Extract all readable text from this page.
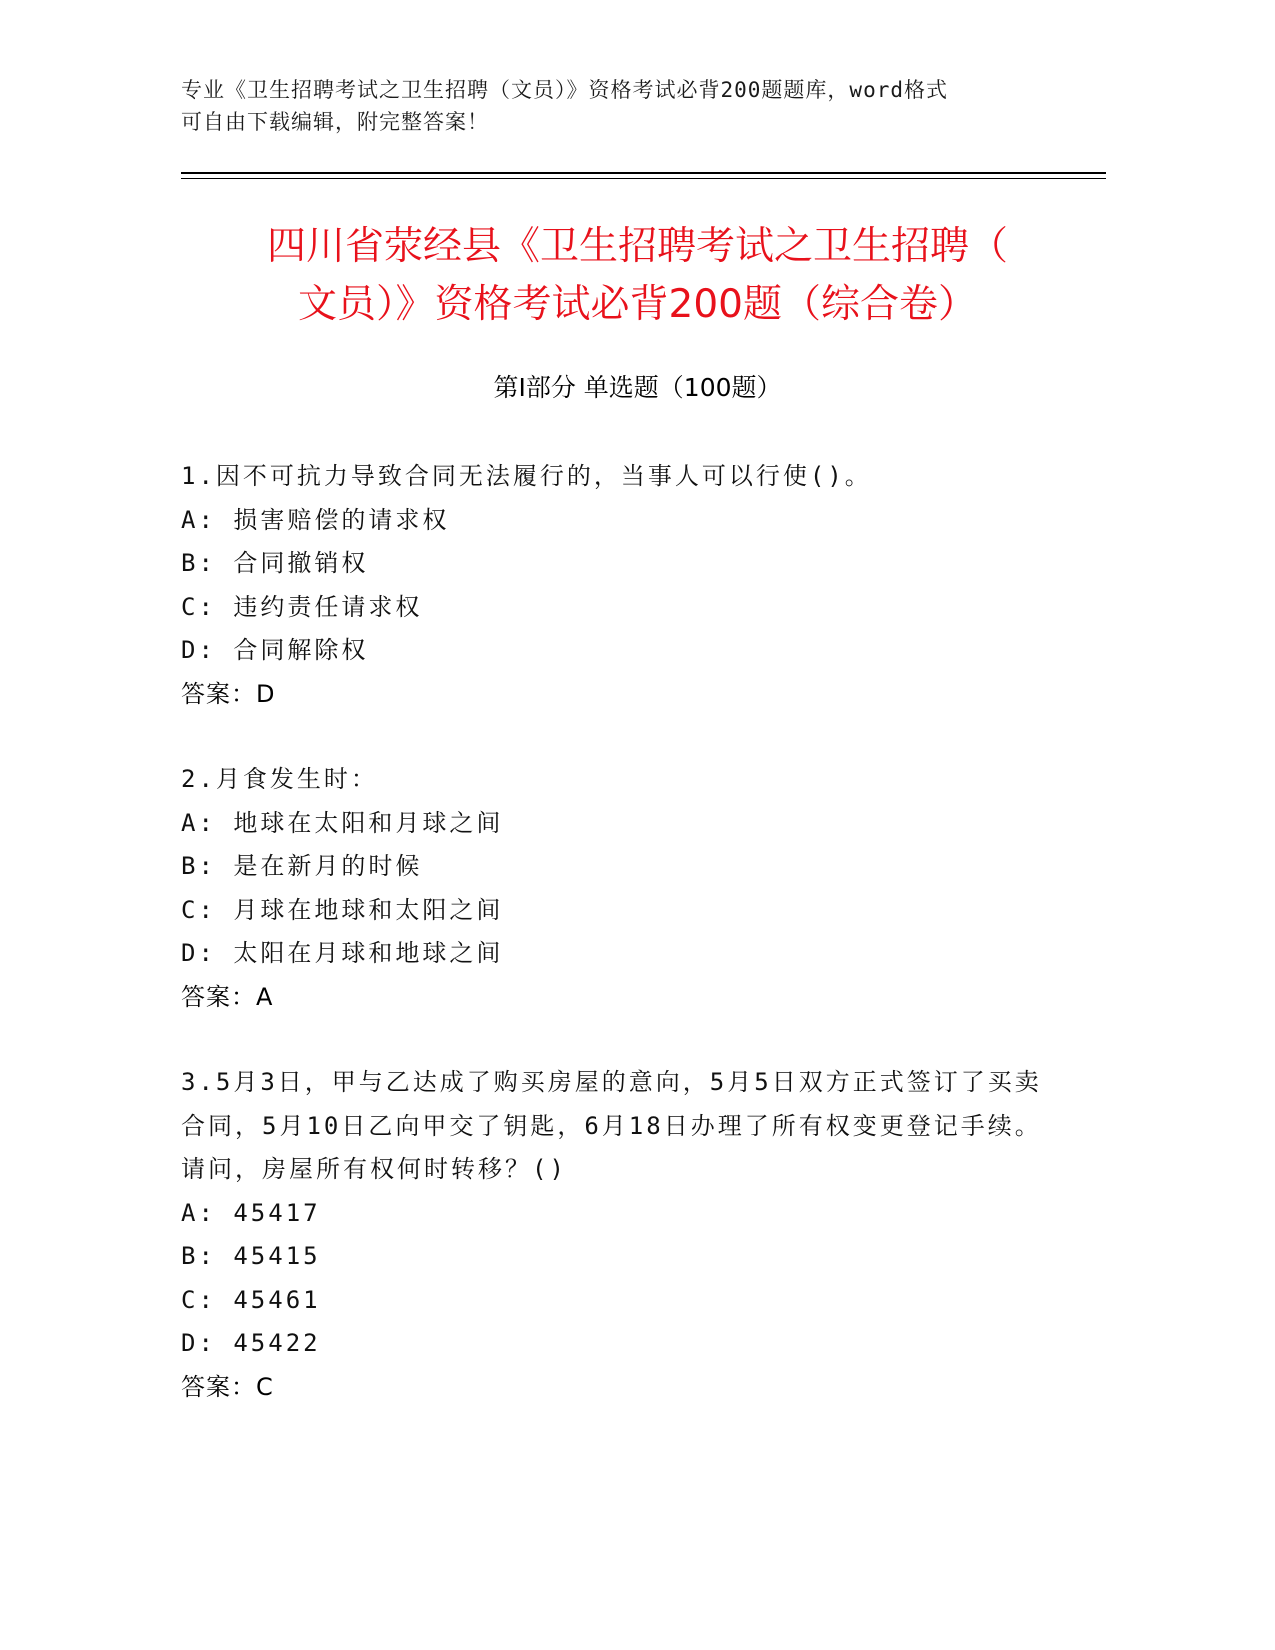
专业《卫生招聘考试之卫生招聘（文员）》资格考试必背200题题库，word格式
可自由下载编辑，附完整答案！
四川省荥经县《卫生招聘考试之卫生招聘（
文员）》资格考试必背200题（综合卷）
第Ⅰ部分 单选题（100题）
1.因不可抗力导致合同无法履行的，当事人可以行使()。
A: 损害赔偿的请求权
B: 合同撤销权
C: 违约责任请求权
D: 合同解除权
答案：D
2.月食发生时：
A: 地球在太阳和月球之间
B: 是在新月的时候
C: 月球在地球和太阳之间
D: 太阳在月球和地球之间
答案：A
3.5月3日，甲与乙达成了购买房屋的意向，5月5日双方正式签订了买卖合同，5月10日乙向甲交了钥匙，6月18日办理了所有权变更登记手续。请问，房屋所有权何时转移？()
A: 45417
B: 45415
C: 45461
D: 45422
答案：C
